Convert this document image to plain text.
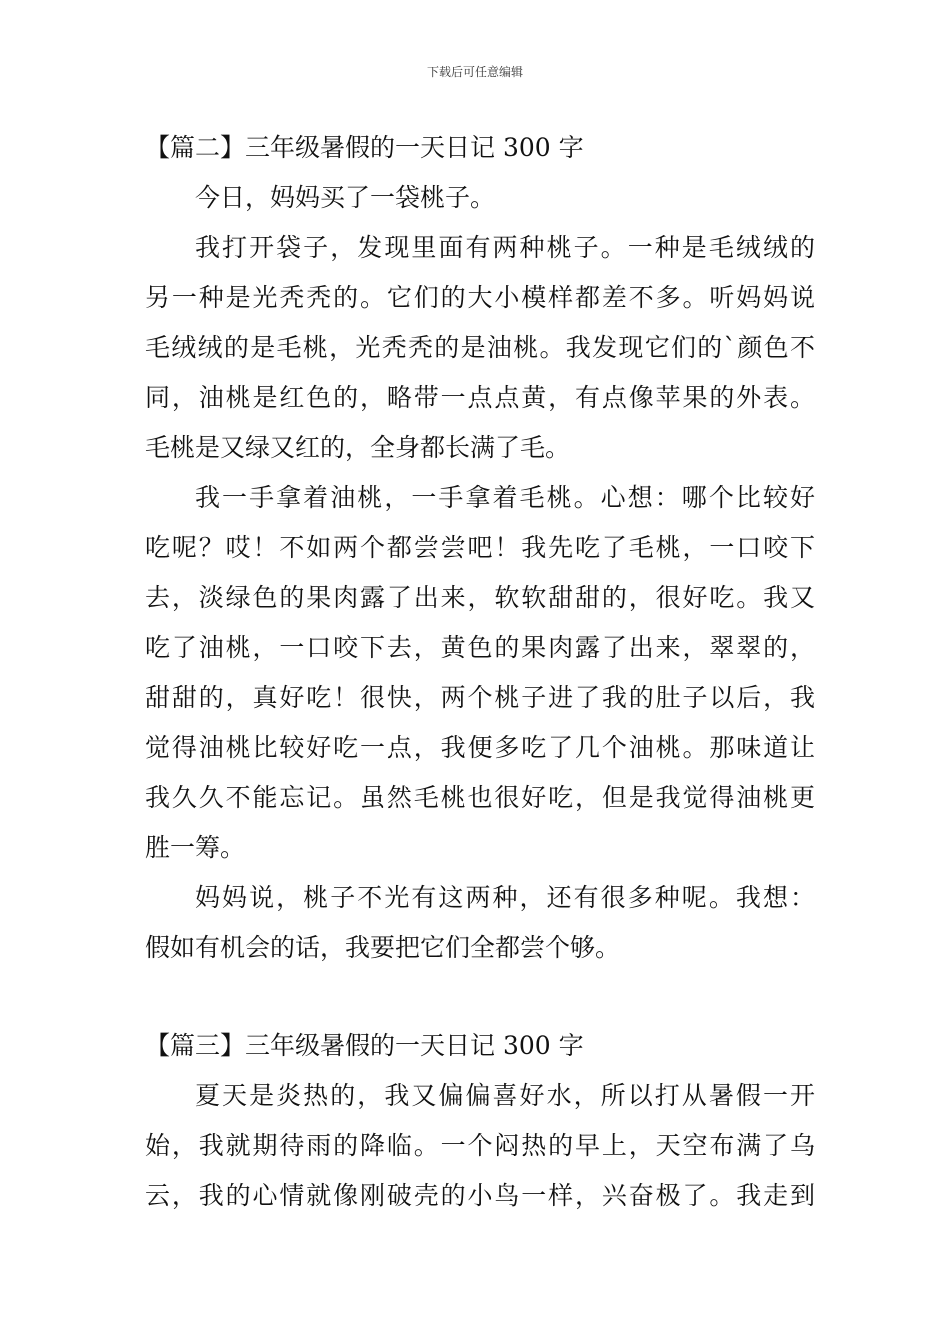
下载后可任意编辑
【篇二】三年级暑假的一天日记 300 字
今日，妈妈买了一袋桃子。
我打开袋子，发现里面有两种桃子。一种是毛绒绒的
另一种是光秃秃的。它们的大小模样都差不多。听妈妈说
毛绒绒的是毛桃，光秃秃的是油桃。我发现它们的`颜色不
同，油桃是红色的，略带一点点黄，有点像苹果的外表。
毛桃是又绿又红的，全身都长满了毛。
我一手拿着油桃，一手拿着毛桃。心想：哪个比较好
吃呢？哎！不如两个都尝尝吧！我先吃了毛桃，一口咬下
去，淡绿色的果肉露了出来，软软甜甜的，很好吃。我又
吃了油桃，一口咬下去，黄色的果肉露了出来，翠翠的，
甜甜的，真好吃！很快，两个桃子进了我的肚子以后，我
觉得油桃比较好吃一点，我便多吃了几个油桃。那味道让
我久久不能忘记。虽然毛桃也很好吃，但是我觉得油桃更
胜一筹。
妈妈说，桃子不光有这两种，还有很多种呢。我想：
假如有机会的话，我要把它们全都尝个够。
【篇三】三年级暑假的一天日记 300 字
夏天是炎热的，我又偏偏喜好水，所以打从暑假一开
始，我就期待雨的降临。一个闷热的早上，天空布满了乌
云，我的心情就像刚破壳的小鸟一样，兴奋极了。我走到
